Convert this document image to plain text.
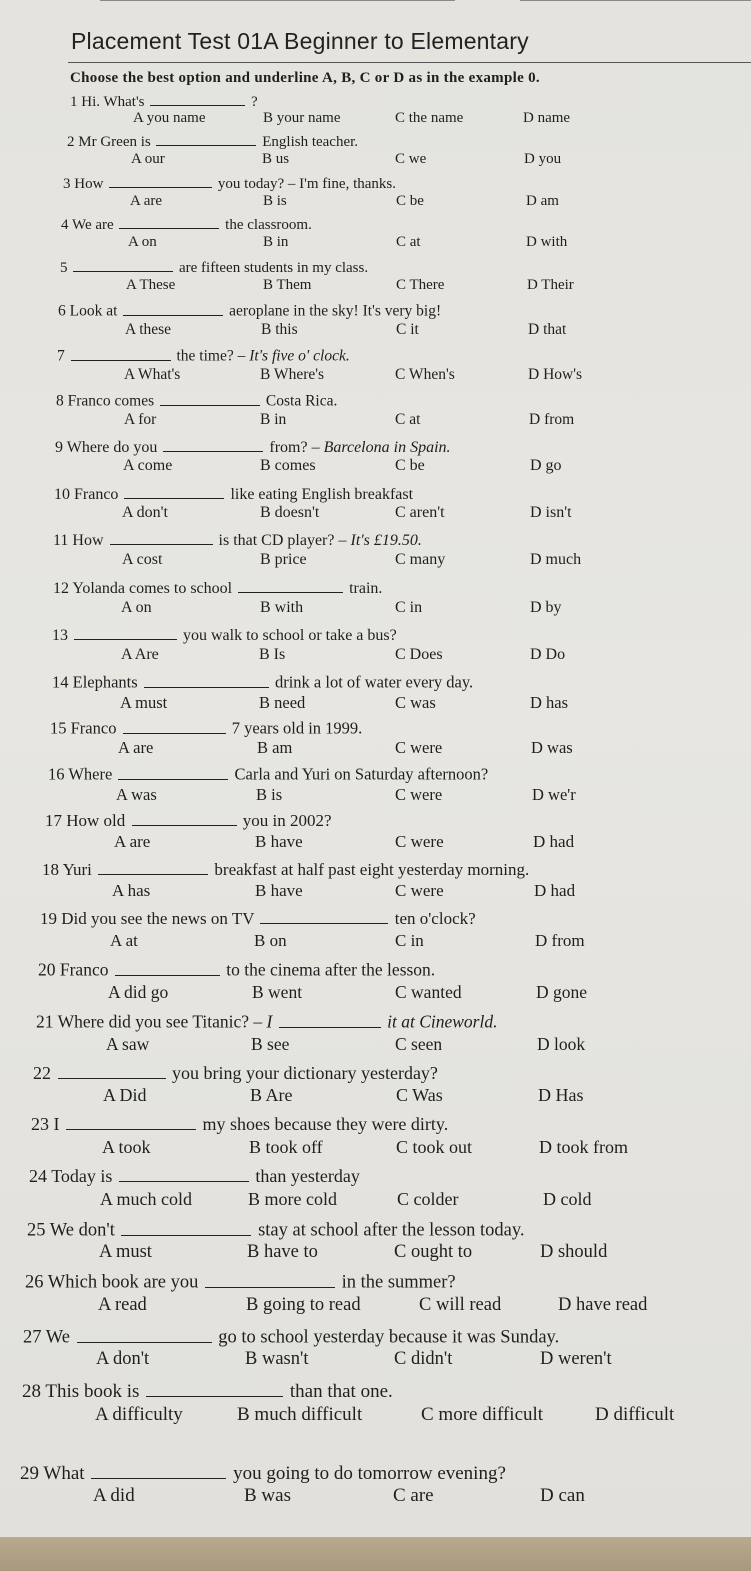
Placement Test 01A Beginner to Elementary
Choose the best option and underline A, B, C or D as in the example 0.
1 Hi. What's	?
A you name	B your name	C the name	D name
2 Mr Green is	English teacher.
A our	B us	C we	D you
3 How	you today? – I'm fine, thanks.
A are	B is	C be	D am
4 We are	the classroom.
A on	B in	C at	D with
5	are fifteen students in my class.
A These	B Them	C There	D Their
6 Look at	aeroplane in the sky! It's very big!
A these	B this	C it	D that
7	the time? – It's five o' clock.
A What's	B Where's	C When's	D How's
8 Franco comes	Costa Rica.
A for	B in	C at	D from
9 Where do you	from? – Barcelona in Spain.
A come	B comes	C be	D go
10 Franco	like eating English breakfast
A don't	B doesn't	C aren't	D isn't
11 How	is that CD player? – It's £19.50.
A cost	B price	C many	D much
12 Yolanda comes to school	train.
A on	B with	C in	D by
13	you walk to school or take a bus?
A Are	B Is	C Does	D Do
14 Elephants	drink a lot of water every day.
A must	B need	C was	D has
15 Franco	7 years old in 1999.
A are	B am	C were	D was
16 Where	Carla and Yuri on Saturday afternoon?
A was	B is	C were	D we'r
17 How old	you in 2002?
A are	B have	C were	D had
18 Yuri	breakfast at half past eight yesterday morning.
A has	B have	C were	D had
19 Did you see the news on TV	ten o'clock?
A at	B on	C in	D from
20 Franco	to the cinema after the lesson.
A did go	B went	C wanted	D gone
21 Where did you see Titanic? – I	it at Cineworld.
A saw	B see	C seen	D look
22	you bring your dictionary yesterday?
A Did	B Are	C Was	D Has
23 I	my shoes because they were dirty.
A took	B took off	C took out	D took from
24 Today is	than yesterday
A much cold	B more cold	C colder	D cold
25 We don't	stay at school after the lesson today.
A must	B have to	C ought to	D should
26 Which book are you	in the summer?
A read	B going to read	C will read	D have read
27 We	go to school yesterday because it was Sunday.
A don't	B wasn't	C didn't	D weren't
28 This book is	than that one.
A difficulty	B much difficult	C more difficult	D difficult
29 What	you going to do tomorrow evening?
A did	B was	C are	D can
